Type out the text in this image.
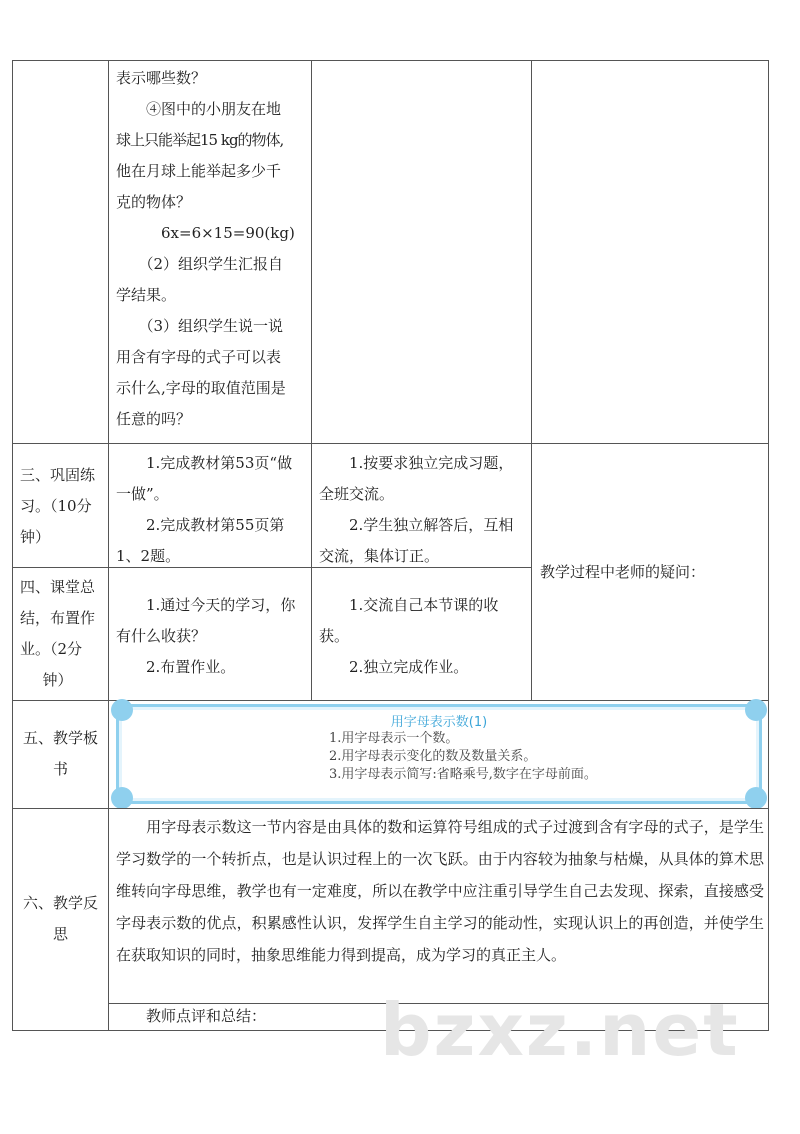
表示哪些数？
　　④图中的小朋友在地
球上只能举起15 kg的物体,
他在月球上能举起多少千
克的物体？
　　　6x=6×15=90(kg)
　　（2）组织学生汇报自
学结果。
　　（3）组织学生说一说
用含有字母的式子可以表
示什么,字母的取值范围是
任意的吗？
三、巩固练
习。（10分
钟）
　　1.完成教材第53页“做
一做”。
　　2.完成教材第55页第
1、2题。
　　1.按要求独立完成习题，
全班交流。
　　2.学生独立解答后，互相
交流，集体订正。
教学过程中老师的疑问：
四、课堂总
结，布置作
业。（2分
钟）
　　1.通过今天的学习，你
有什么收获？
　　2.布置作业。
　　1.交流自己本节课的收
获。
　　2.独立完成作业。
五、教学板
书
用字母表示数(1)
1.用字母表示一个数。
2.用字母表示变化的数及数量关系。
3.用字母表示简写:省略乘号,数字在字母前面。
六、教学反
思
　　用字母表示数这一节内容是由具体的数和运算符号组成的式子过渡到含有字母的式子，是学生学习数学的一个转折点，也是认识过程上的一次飞跃。由于内容较为抽象与枯燥，从具体的算术思维转向字母思维，教学也有一定难度，所以在教学中应注重引导学生自己去发现、探索，直接感受字母表示数的优点，积累感性认识，发挥学生自主学习的能动性，实现认识上的再创造，并使学生在获取知识的同时，抽象思维能力得到提高，成为学习的真正主人。
　　教师点评和总结： bzxz.net
